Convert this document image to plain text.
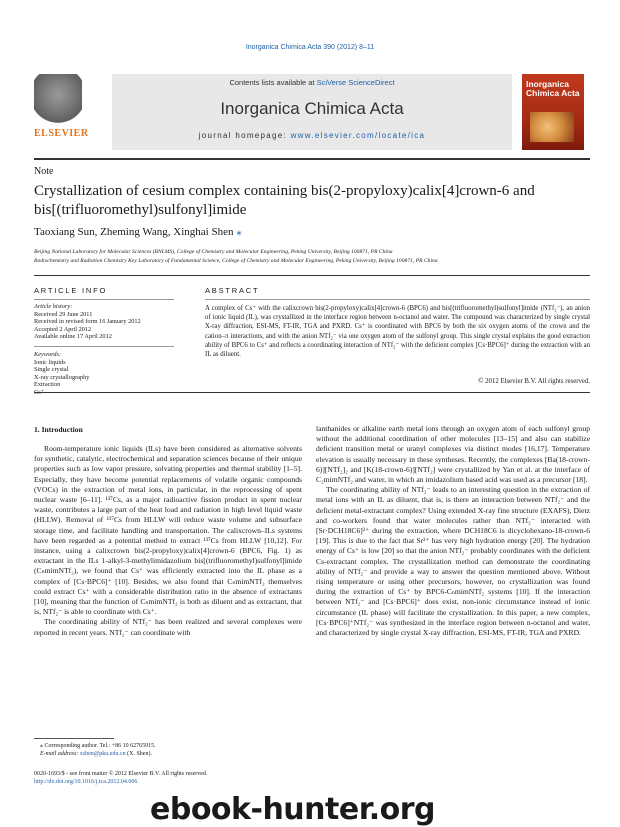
Inorganica Chimica Acta 390 (2012) 8–11
ELSEVIER
Contents lists available at SciVerse ScienceDirect
Inorganica Chimica Acta
journal homepage: www.elsevier.com/locate/ica
Inorganica Chimica Acta
Note
Crystallization of cesium complex containing bis(2-propyloxy)calix[4]crown-6 and bis[(trifluoromethyl)sulfonyl]imide
Taoxiang Sun, Zheming Wang, Xinghai Shen ⁎
Beijing National Laboratory for Molecular Sciences (BNLMS), College of Chemistry and Molecular Engineering, Peking University, Beijing 100871, PR China
Radiochemistry and Radiation Chemistry Key Laboratory of Fundamental Science, College of Chemistry and Molecular Engineering, Peking University, Beijing 100871, PR China
ARTICLE INFO
Article history:
Received 29 June 2011
Received in revised form 16 January 2012
Accepted 2 April 2012
Available online 17 April 2012
Keywords:
Ionic liquids
Single crystal
X-ray crystallography
Extraction
Cs⁺
ABSTRACT
A complex of Cs⁺ with the calixcrown bis(2-propyloxy)calix[4]crown-6 (BPC6) and bis[(trifluoromethyl)sulfonyl]imide (NTf₂⁻), an anion of ionic liquid (IL), was crystallized in the interface region between n-octanol and water. The compound was characterized by single crystal X-ray diffraction, ESI-MS, FT-IR, TGA and PXRD. Cs⁺ is coordinated with BPC6 by both the six oxygen atoms of the crown and the cation–π interactions, and with the anion NTf₂⁻ via one oxygen atom of the sulfonyl group. This single crystal explains the good extraction ability of BPC6 to Cs⁺ and reflects a coordinating interaction of NTf₂⁻ with the deficient complex [Cs·BPC6]⁺ during the extraction with an IL as diluent.
© 2012 Elsevier B.V. All rights reserved.
1. Introduction

Room-temperature ionic liquids (ILs) have been considered as alternative solvents for synthetic, catalytic, electrochemical and separation sciences because of their unique properties such as low vapor pressure, solvating properties and thermal stability [1–5]. Especially, they have become potential replacements of volatile organic compounds (VOCs) in the extraction of metal ions, in particular, in the reprocessing of spent nuclear waste [6–11]. ¹³⁷Cs, as a major radioactive fission product in spent nuclear waste, contributes a large part of the heat load and radiation in high level liquid waste (HLLW). Removal of ¹³⁷Cs from HLLW will reduce waste volume and subsurface storage time, and facilitate handling and transportation. The calixcrown–ILs systems have been regarded as a potential method to extract ¹³⁷Cs from HLLW [10,12]. For instance, using a calixcrown bis(2-propyloxy)calix[4]crown-6 (BPC6, Fig. 1) as extractant in the ILs 1-alkyl-3-methylimidazolium bis[(trifluoromethyl)sulfonyl]imide (CₙmimNTf₂), we found that Cs⁺ was efficiently extracted into the IL phase as a complex of [Cs·BPC6]⁺ [10]. Besides, we also found that CₙmimNTf₂ themselves could extract Cs⁺ with a considerable distribution ratio in the absence of extractants [10], meaning that the function of CₙmimNTf₂ is both as diluent and as extractant, that is, NTf₂⁻ is able to coordinate with Cs⁺.

The coordinating ability of NTf₂⁻ has been realized and several complexes were reported in recent years. NTf₂⁻ can coordinate with

lanthanides or alkaline earth metal ions through an oxygen atom of each sulfonyl group without the additional coordination of other molecules [13–15] and also can stabilize deficient transition metal or uranyl complexes via distinct modes [16,17]. Temperature elevation is usually necessary in these syntheses. Recently, the complexes [Ba(18-crown-6)][NTf₂]₂ and [K(18-crown-6)][NTf₂] were crystallized by Yan et al. at the interface of C₂mimNTf₂ and water, in which an imidazolium based acid was used as a precursor [18].

The coordinating ability of NTf₂⁻ leads to an interesting question in the extraction of metal ions with an IL as diluent, that is, is there an interaction between NTf₂⁻ and the deficient metal-extractant complex? Using extended X-ray fine structure (EXAFS), Dietz and co-workers found that water molecules rather than NTf₂⁻ interacted with [Sr·DCH18C6]²⁺ during the extraction, where DCH18C6 is dicyclohexano-18-crown-6 [19]. This is due to the fact that Sr²⁺ has very high hydration energy [20]. The hydration energy of Cs⁺ is low [20] so that the anion NTf₂⁻ probably coordinates with the deficient Cs-extractant complex. The crystallization method can demonstrate the coordinating ability of NTf₂⁻ and provide a way to answer the question mentioned above. Without rising temperature or using other precursors, however, no crystallization was found during the extraction of Cs⁺ by BPC6-CₙmimNTf₂ systems [10]. If the interaction between NTf₂⁻ and [Cs·BPC6]⁺ does exist, non-ionic circumstance instead of ionic circumstance (IL phase) will facilitate the crystallization. In this paper, a new complex, [Cs·BPC6]⁺NTf₂⁻ was synthesized in the interface region between n-octanol and water, and characterized by single crystal X-ray diffraction, ESI-MS, FT-IR, TGA and PXRD.

⁎ Corresponding author. Tel.: +86 10 62765915.
E-mail address: xshen@pku.edu.cn (X. Shen).
0020-1693/$ - see front matter © 2012 Elsevier B.V. All rights reserved.
http://dx.doi.org/10.1016/j.ica.2012.04.006
ebook-hunter.org
